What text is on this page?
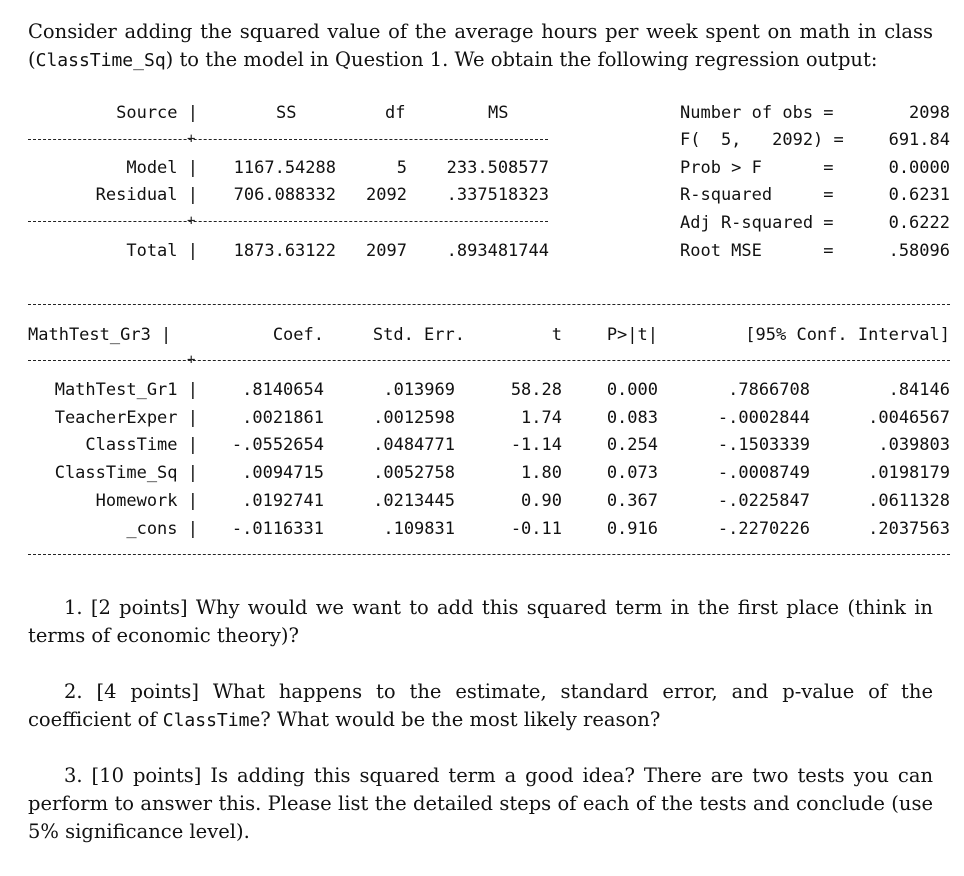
Consider adding the squared value of the average hours per week spent on math in class (ClassTime_Sq) to the model in Question 1. We obtain the following regression output:

Source |	SS	df	MS
+
Model |	1167.54288	5	233.508577
Residual |	706.088332	2092	.337518323
+
Total |	1873.63122	2097	.893481744
Number of obs =	2098
F(  5,   2092) =	691.84
Prob > F      =	0.0000
R-squared     =	0.6231
Adj R-squared =	0.6222
Root MSE      =	.58096
MathTest_Gr3 |	Coef.	Std. Err.	t	P>|t|	[95% Conf. Interval]
+
MathTest_Gr1 |	.8140654	.013969	58.28	0.000	.7866708	.84146
TeacherExper |	.0021861	.0012598	1.74	0.083	-.0002844	.0046567
ClassTime |	-.0552654	.0484771	-1.14	0.254	-.1503339	.039803
ClassTime_Sq |	.0094715	.0052758	1.80	0.073	-.0008749	.0198179
Homework |	.0192741	.0213445	0.90	0.367	-.0225847	.0611328
_cons |	-.0116331	.109831	-0.11	0.916	-.2270226	.2037563

1. [2 points] Why would we want to add this squared term in the first place (think in terms of economic theory)?

2. [4 points] What happens to the estimate, standard error, and p-value of the coefficient of ClassTime? What would be the most likely reason?

3. [10 points] Is adding this squared term a good idea? There are two tests you can perform to answer this. Please list the detailed steps of each of the tests and conclude (use 5% significance level).
